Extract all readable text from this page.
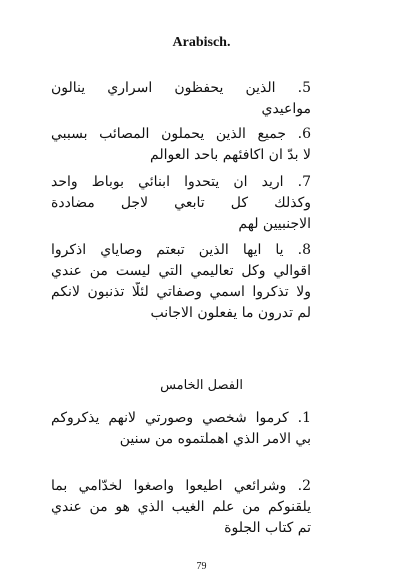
Arabisch.
5. الذين يحفظون اسراري ينالون
مواعيدي
6. جميع الذين يحملون المصائب بسببي
لا بدّ ان اكافئهم باحد العوالم
7. اريد ان يتحدوا ابنائي بوباط واحد
وكذلك كل تابعي لاجل مضاددة
الاجنبيين لهم
8. يا ايها الذين تبعتم وصاياي اذكروا
اقوالي وكل تعاليمي التي ليست من عندي
ولا تذكروا اسمي وصفاتي لئلّا تذنبون لانكم
لم تدرون ما يفعلون الاجانب
الفصل الخامس
1. كرموا شخصي وصورتي لانهم يذكروكم
بي الامر الذي اهملتموه من سنين
2. وشرائعي اطيعوا واصغوا لخدّامي بما
يلقنوكم من علم الغيب الذي هو من عندي
تم كتاب الجلوة
79
